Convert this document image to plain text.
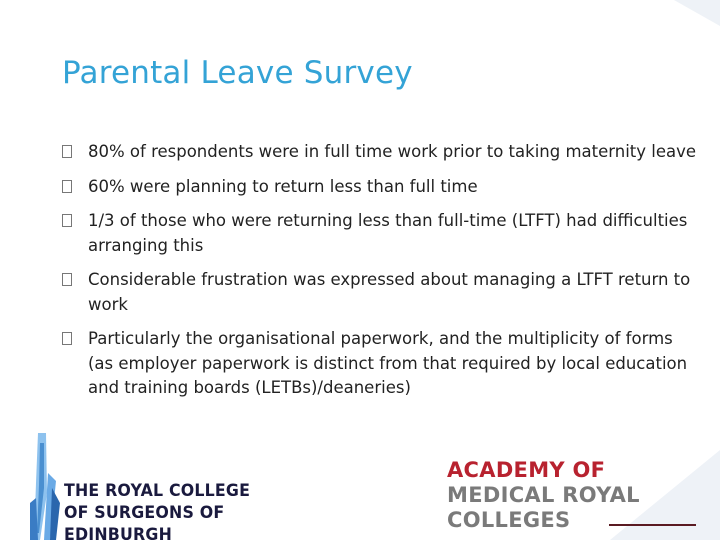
Parental Leave Survey
80% of respondents were in full time work prior to taking maternity leave
60% were planning to return less than full time
1/3 of those who were returning less than full-time (LTFT) had difficulties arranging this
Considerable frustration was expressed about managing a LTFT return to work
Particularly the organisational paperwork, and the multiplicity of forms (as employer paperwork is distinct from that required by local education and training boards (LETBs)/deaneries)
THE ROYAL COLLEGE
OF SURGEONS OF
EDINBURGH
ACADEMY OF
MEDICAL ROYAL
COLLEGES
